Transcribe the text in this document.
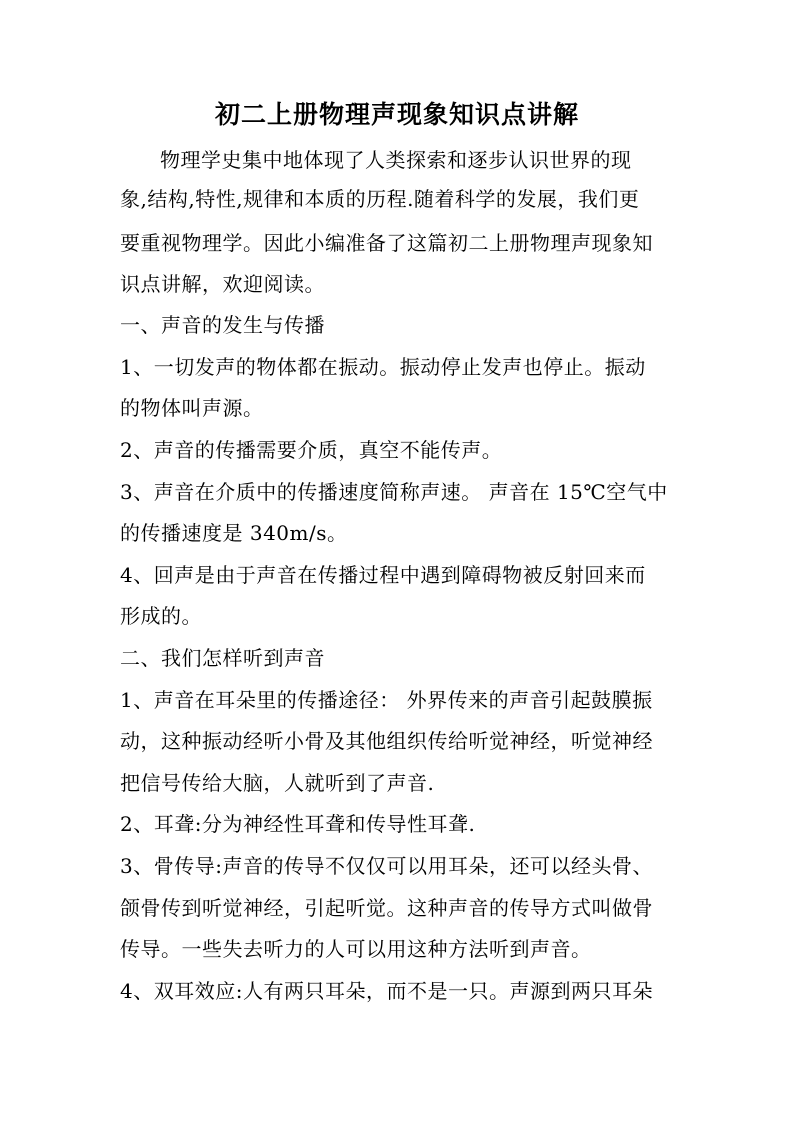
初二上册物理声现象知识点讲解
物理学史集中地体现了人类探索和逐步认识世界的现
象,结构,特性,规律和本质的历程.随着科学的发展，我们更
要重视物理学。因此小编准备了这篇初二上册物理声现象知
识点讲解，欢迎阅读。
一、声音的发生与传播
1、一切发声的物体都在振动。振动停止发声也停止。振动
的物体叫声源。
2、声音的传播需要介质，真空不能传声。
3、声音在介质中的传播速度简称声速。 声音在 15℃空气中
的传播速度是 340m/s。
4、回声是由于声音在传播过程中遇到障碍物被反射回来而
形成的。
二、我们怎样听到声音
1、声音在耳朵里的传播途径： 外界传来的声音引起鼓膜振
动，这种振动经听小骨及其他组织传给听觉神经，听觉神经
把信号传给大脑，人就听到了声音.
2、耳聋:分为神经性耳聋和传导性耳聋.
3、骨传导:声音的传导不仅仅可以用耳朵，还可以经头骨、
颌骨传到听觉神经，引起听觉。这种声音的传导方式叫做骨
传导。一些失去听力的人可以用这种方法听到声音。
4、双耳效应:人有两只耳朵，而不是一只。声源到两只耳朵
